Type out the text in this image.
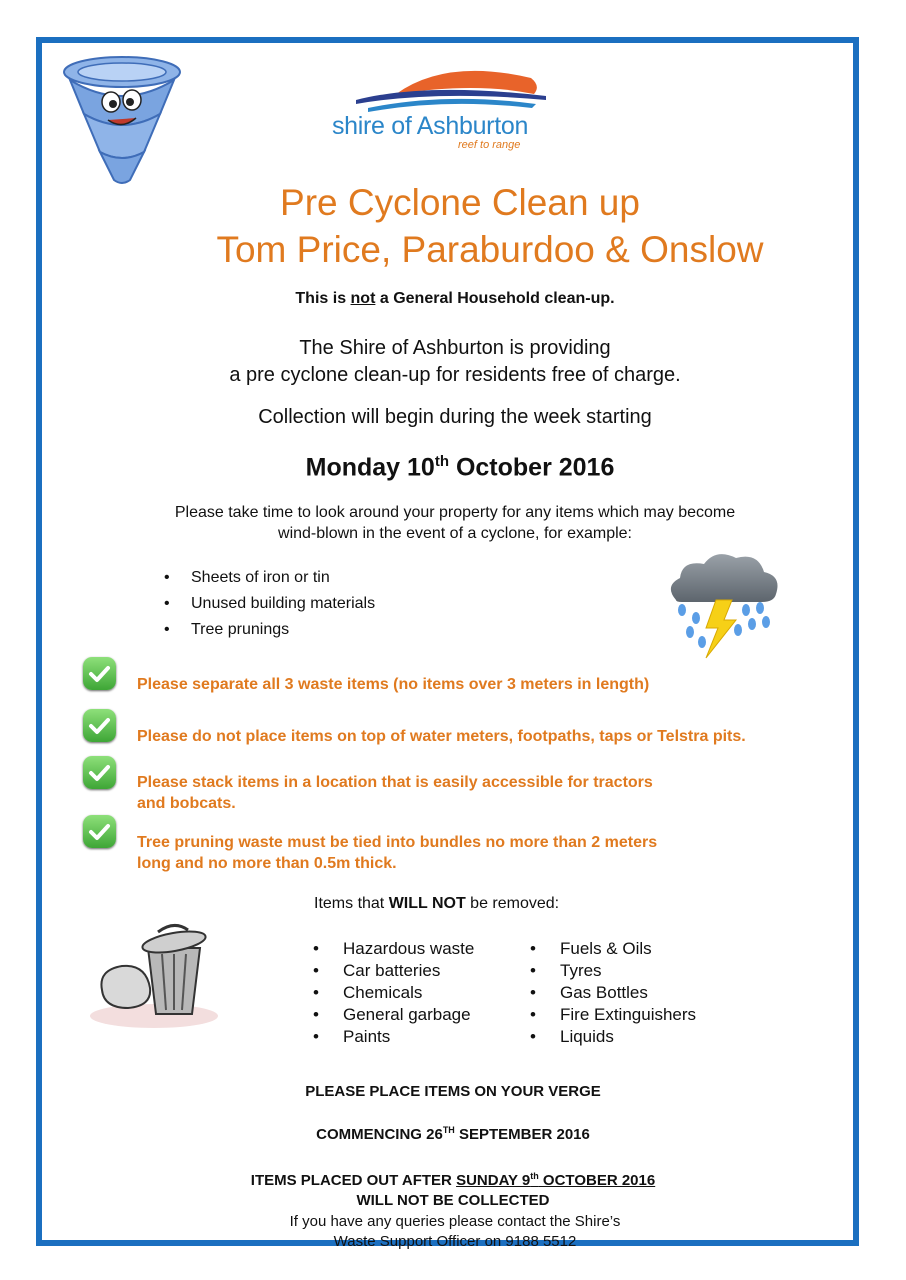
shire of Ashburton
reef to range
Pre Cyclone Clean up
Tom Price, Paraburdoo & Onslow
This is not a General Household clean-up.
The Shire of Ashburton is providing
a pre cyclone clean-up for residents free of charge.
Collection will begin during the week starting
Monday 10th October 2016
Please take time to look around your property for any items which may become
wind-blown in the event of a cyclone, for example:
•	Sheets of iron or tin
•	Unused building materials
•	Tree prunings
Please separate all 3 waste items (no items over 3 meters in length)
Please do not place items on top of water meters, footpaths, taps or Telstra pits.
Please stack items in a location that is easily accessible for tractors
and bobcats.
Tree pruning waste must be tied into bundles no more than 2 meters
long and no more than 0.5m thick.
Items that WILL NOT be removed:
•	Hazardous waste
•	Car batteries
•	Chemicals
•	General garbage
•	Paints
•	Fuels & Oils
•	Tyres
•	Gas Bottles
•	Fire Extinguishers
•	Liquids
PLEASE PLACE ITEMS ON YOUR VERGE
COMMENCING 26TH SEPTEMBER 2016
ITEMS PLACED OUT AFTER SUNDAY 9th OCTOBER 2016
WILL NOT BE COLLECTED
If you have any queries please contact the Shire’s
Waste Support Officer on 9188 5512
